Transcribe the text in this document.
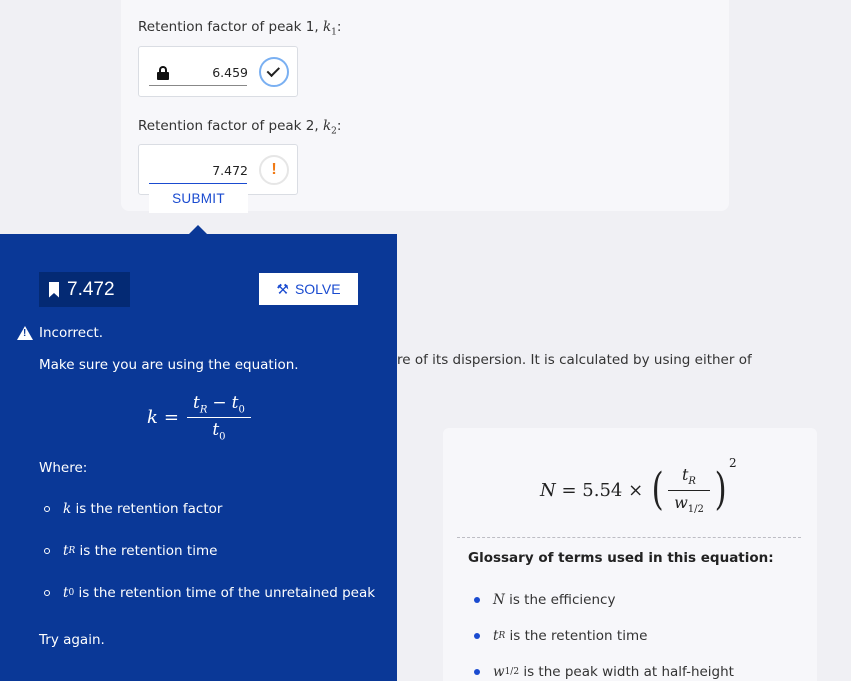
Retention factor of peak 1, $k_1$:
6.459
Retention factor of peak 2, $k_2$:
7.472	!
SUBMIT
re of its dispersion. It is calculated by using either of
N = 5.54 × ( $\frac{t_R}{w_{1/2}}$ )
$^2$
Glossary of terms used in this equation:
N is the efficiency
t R is the retention time
w 1/2 is the peak width at half-height
7.472	⚒ SOLVE
!
Incorrect.
Make sure you are using the equation.
$k = \frac{t_R - t_0}{t_0}$
Where:
k is the retention factor
t R is the retention time
t 0 is the retention time of the unretained peak
Try again.
